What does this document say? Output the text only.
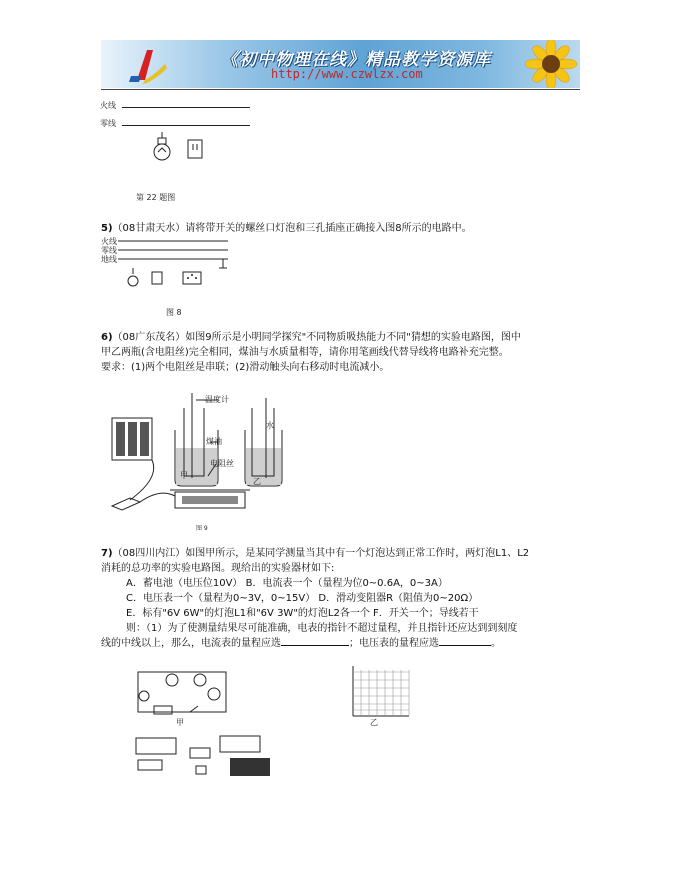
《初中物理在线》精品教学资源库
http://www.czwlzx.com
火线
零线
第 22 题图
5)（08甘肃天水）请将带开关的螺丝口灯泡和三孔插座正确接入图8所示的电路中。
火线
零线
地线
图 8
6)（08广东茂名）如图9所示是小明同学探究"不同物质吸热能力不同"猜想的实验电路图，图中
甲乙两瓶(含电阻丝)完全相同，煤油与水质量相等，请你用笔画线代替导线将电路补充完整。
要求：(1)两个电阻丝是串联；(2)滑动触头向右移动时电流减小。
温度计
煤油
水
电阻丝
甲
乙
图 9
7)（08四川内江）如图甲所示，是某同学测量当其中有一个灯泡达到正常工作时，两灯泡L1、L2
消耗的总功率的实验电路图。现给出的实验器材如下:
A．蓄电池（电压位10V） B．电流表一个（量程为位0~0.6A，0~3A）
C．电压表一个（量程为0~3V，0~15V） D．滑动变阻器R（阻值为0~20Ω）
E．标有"6V 6W"的灯泡L1和"6V 3W"的灯泡L2各一个 F．开关一个；导线若干
则：（1）为了使测量结果尽可能准确，电表的指针不超过量程，并且指针还应达到到刻度
线的中线以上，那么，电流表的量程应选	；电压表的量程应选	。
甲	乙
